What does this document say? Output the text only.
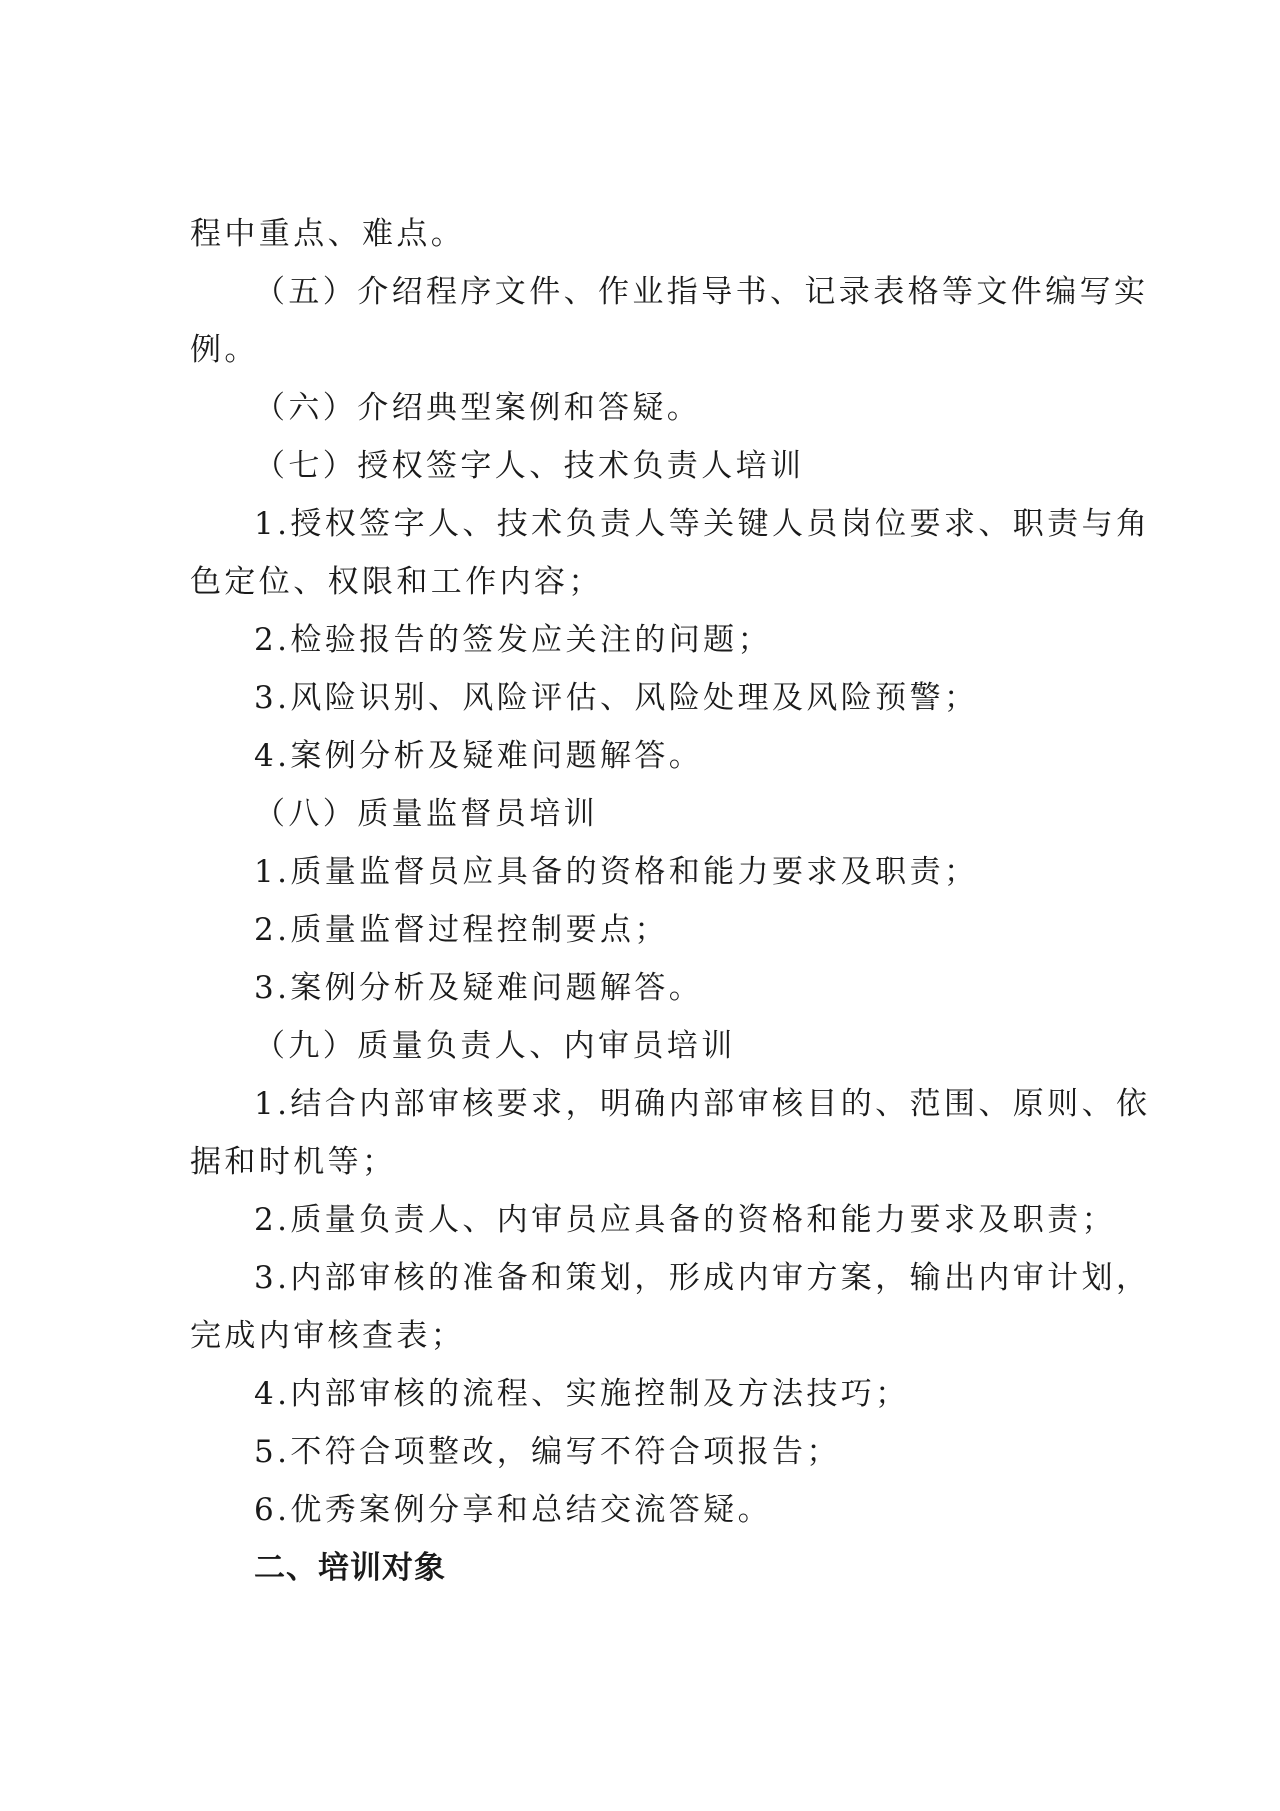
程中重点、难点。
（五）介绍程序文件、作业指导书、记录表格等文件编写实
例。
（六）介绍典型案例和答疑。
（七）授权签字人、技术负责人培训
1.授权签字人、技术负责人等关键人员岗位要求、职责与角
色定位、权限和工作内容；
2.检验报告的签发应关注的问题；
3.风险识别、风险评估、风险处理及风险预警；
4.案例分析及疑难问题解答。
（八）质量监督员培训
1.质量监督员应具备的资格和能力要求及职责；
2.质量监督过程控制要点；
3.案例分析及疑难问题解答。
（九）质量负责人、内审员培训
1.结合内部审核要求，明确内部审核目的、范围、原则、依
据和时机等；
2.质量负责人、内审员应具备的资格和能力要求及职责；
3.内部审核的准备和策划，形成内审方案，输出内审计划，
完成内审核查表；
4.内部审核的流程、实施控制及方法技巧；
5.不符合项整改，编写不符合项报告；
6.优秀案例分享和总结交流答疑。
二、培训对象
